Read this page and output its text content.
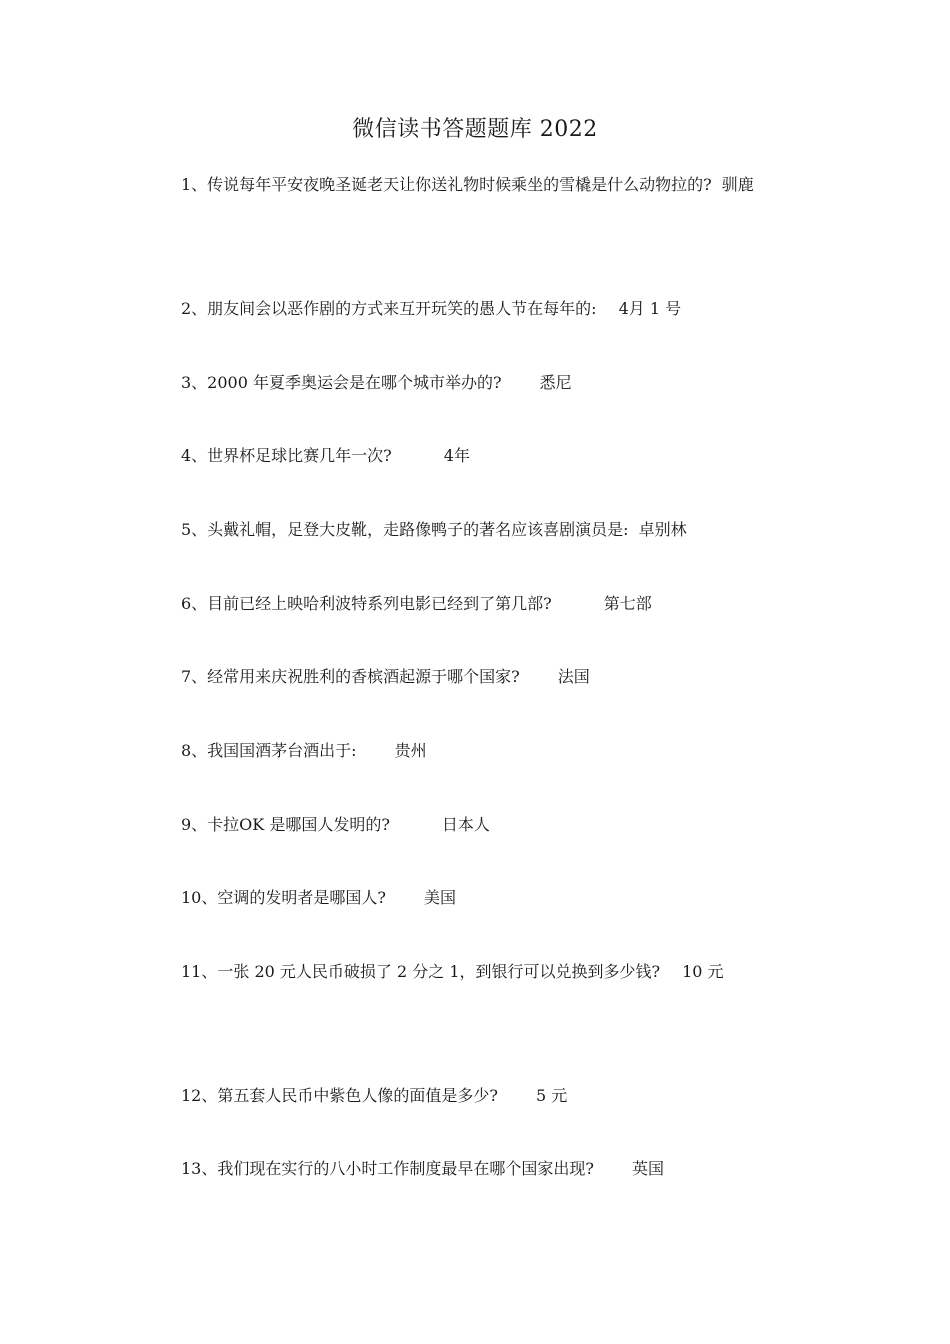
微信读书答题题库 2022
1、传说每年平安夜晚圣诞老天让你送礼物时候乘坐的雪橇是什么动物拉的? 驯鹿
2、朋友间会以恶作剧的方式来互开玩笑的愚人节在每年的: 4月 1 号
3、2000 年夏季奥运会是在哪个城市举办的? 悉尼
4、世界杯足球比赛几年一次?	4年
5、头戴礼帽，足登大皮靴，走路像鸭子的著名应该喜剧演员是: 卓别林
6、目前已经上映哈利波特系列电影已经到了第几部?	第七部
7、经常用来庆祝胜利的香槟酒起源于哪个国家? 法国
8、我国国酒茅台酒出于: 贵州
9、卡拉OK 是哪国人发明的?	日本人
10、空调的发明者是哪国人? 美国
11、一张 20 元人民币破损了 2 分之 1，到银行可以兑换到多少钱? 10 元
12、第五套人民币中紫色人像的面值是多少? 5 元
13、我们现在实行的八小时工作制度最早在哪个国家出现? 英国
